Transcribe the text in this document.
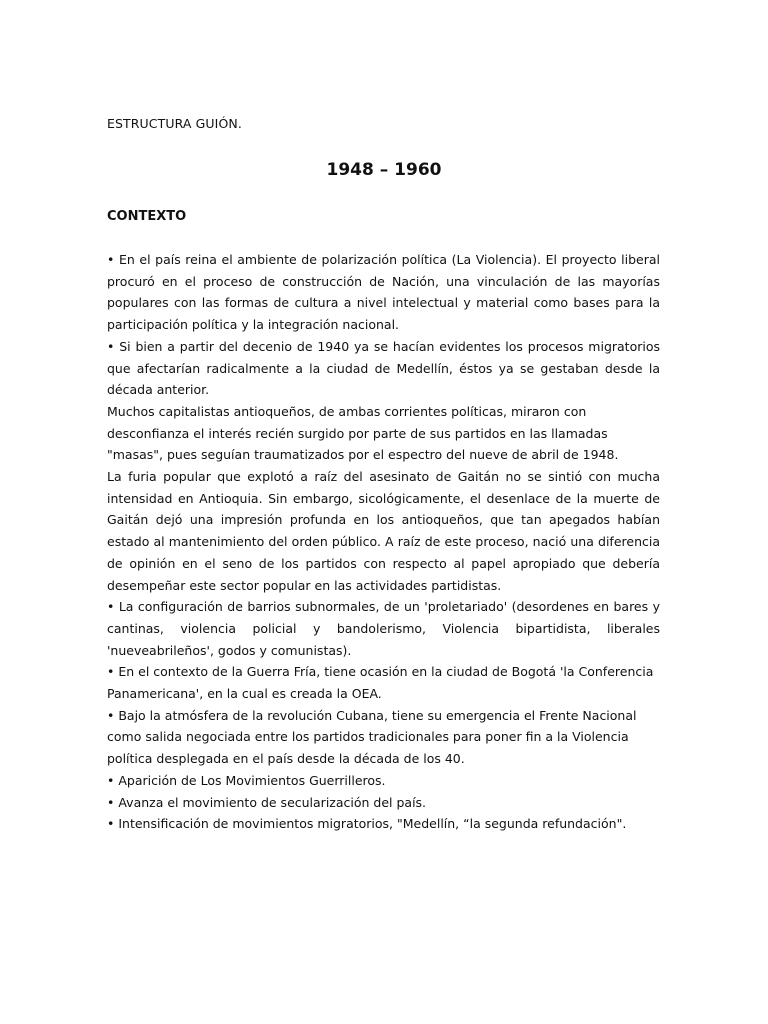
ESTRUCTURA GUIÓN.
1948 – 1960
CONTEXTO

• En el país reina el ambiente de polarización política (La Violencia). El proyecto liberal procuró en el proceso de construcción de Nación, una vinculación de las mayorías populares con las formas de cultura a nivel intelectual y material como bases para la participación política y la integración nacional.

• Si bien a partir del decenio de 1940 ya se hacían evidentes los procesos migratorios que afectarían radicalmente a la ciudad de Medellín, éstos ya se gestaban desde la década anterior.

Muchos capitalistas antioqueños, de ambas corrientes políticas, miraron con desconfianza el interés recién surgido por parte de sus partidos en las llamadas "masas", pues seguían traumatizados por el espectro del nueve de abril de 1948.

La furia popular que explotó a raíz del asesinato de Gaitán no se sintió con mucha intensidad en Antioquia. Sin embargo, sicológicamente, el desenlace de la muerte de Gaitán dejó una impresión profunda en los antioqueños, que tan apegados habían estado al mantenimiento del orden público. A raíz de este proceso, nació una diferencia de opinión en el seno de los partidos con respecto al papel apropiado que debería desempeñar este sector popular en las actividades partidistas.

• La configuración de barrios subnormales, de un 'proletariado' (desordenes en bares y cantinas, violencia policial y bandolerismo, Violencia bipartidista, liberales 'nueveabrileños', godos y comunistas).

• En el contexto de la Guerra Fría, tiene ocasión en la ciudad de Bogotá 'la Conferencia Panamericana', en la cual es creada la OEA.

• Bajo la atmósfera de la revolución Cubana, tiene su emergencia el Frente Nacional como salida negociada entre los partidos tradicionales para poner fin a la Violencia política desplegada en el país desde la década de los 40.

• Aparición de Los Movimientos Guerrilleros.

• Avanza el movimiento de secularización del país.

• Intensificación de movimientos migratorios, "Medellín, “la segunda refundación".
